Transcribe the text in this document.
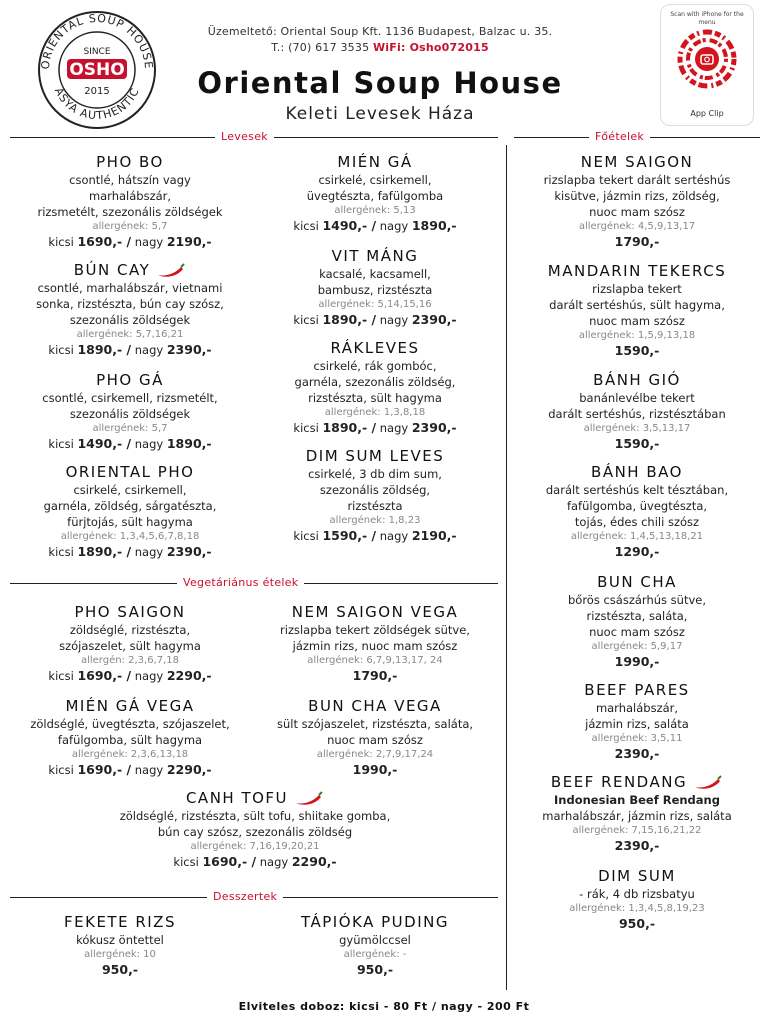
ORIENTAL SOUP HOUSE
ASYA AUTHENTIC
SINCE
OSHO
2015
Üzemeltető: Oriental Soup Kft. 1136 Budapest, Balzac u. 35.
T.: (70) 617 3535 WiFi: Osho072015
Oriental Soup House
Keleti Levesek Háza
Scan with iPhone for the menu
App Clip
Levesek	Főételek
Vegetáriánus ételek
Desszertek
PHO BO
csontlé, hátszín vagy
marhalábszár,
rizsmetélt, szezonális zöldségek
allergének: 5,7
kicsi 1690,- / nagy 2190,-
BÚN CAY
csontlé, marhalábszár, vietnami
sonka, rizstészta, bún cay szósz,
szezonális zöldségek
allergének: 5,7,16,21
kicsi 1890,- / nagy 2390,-
PHO GÁ
csontlé, csirkemell, rizsmetélt,
szezonális zöldségek
allergének: 5,7
kicsi 1490,- / nagy 1890,-
ORIENTAL PHO
csirkelé, csirkemell,
garnéla, zöldség, sárgatészta,
fürjtojás, sült hagyma
allergének: 1,3,4,5,6,7,8,18
kicsi 1890,- / nagy 2390,-
MIÉN GÁ
csirkelé, csirkemell,
üvegtészta, fafülgomba
allergének: 5,13
kicsi 1490,- / nagy 1890,-
VIT MÁNG
kacsalé, kacsamell,
bambusz, rizstészta
allergének: 5,14,15,16
kicsi 1890,- / nagy 2390,-
RÁKLEVES
csirkelé, rák gombóc,
garnéla, szezonális zöldség,
rizstészta, sült hagyma
allergének: 1,3,8,18
kicsi 1890,- / nagy 2390,-
DIM SUM LEVES
csirkelé, 3 db dim sum,
szezonális zöldség,
rizstészta
allergének: 1,8,23
kicsi 1590,- / nagy 2190,-
PHO SAIGON
zöldséglé, rizstészta,
szójaszelet, sült hagyma
allergén: 2,3,6,7,18
kicsi 1690,- / nagy 2290,-
NEM SAIGON VEGA
rizslapba tekert zöldségek sütve,
jázmin rizs, nuoc mam szósz
allergének: 6,7,9,13,17, 24
1790,-
MIÉN GÁ VEGA
zöldséglé, üvegtészta, szójaszelet,
fafülgomba, sült hagyma
allergének: 2,3,6,13,18
kicsi 1690,- / nagy 2290,-
BUN CHA VEGA
sült szójaszelet, rizstészta, saláta,
nuoc mam szósz
allergének: 2,7,9,17,24
1990,-
CANH TOFU
zöldséglé, rizstészta, sült tofu, shiitake gomba,
bún cay szósz, szezonális zöldség
allergének: 7,16,19,20,21
kicsi 1690,- / nagy 2290,-
FEKETE RIZS
kókusz öntettel
allergének: 10
950,-
TÁPIÓKA PUDING
gyümölccsel
allergének: -
950,-
NEM SAIGON
rizslapba tekert darált sertéshús
kisütve, jázmin rizs, zöldség,
nuoc mam szósz
allergének: 4,5,9,13,17
1790,-
MANDARIN TEKERCS
rizslapba tekert
darált sertéshús, sült hagyma,
nuoc mam szósz
allergének: 1,5,9,13,18
1590,-
BÁNH GIÓ
banánlevélbe tekert
darált sertéshús, rizstésztában
allergének: 3,5,13,17
1590,-
BÁNH BAO
darált sertéshús kelt tésztában,
fafülgomba, üvegtészta,
tojás, édes chili szósz
allergének: 1,4,5,13,18,21
1290,-
BUN CHA
bőrös császárhús sütve,
rizstészta, saláta,
nuoc mam szósz
allergének: 5,9,17
1990,-
BEEF PARES
marhalábszár,
jázmin rizs, saláta
allergének: 3,5,11
2390,-
BEEF RENDANG
Indonesian Beef Rendang
marhalábszár, jázmin rizs, saláta
allergének: 7,15,16,21,22
2390,-
DIM SUM
- rák, 4 db rizsbatyu
allergének: 1,3,4,5,8,19,23
950,-
Elviteles doboz: kicsi - 80 Ft / nagy - 200 Ft
